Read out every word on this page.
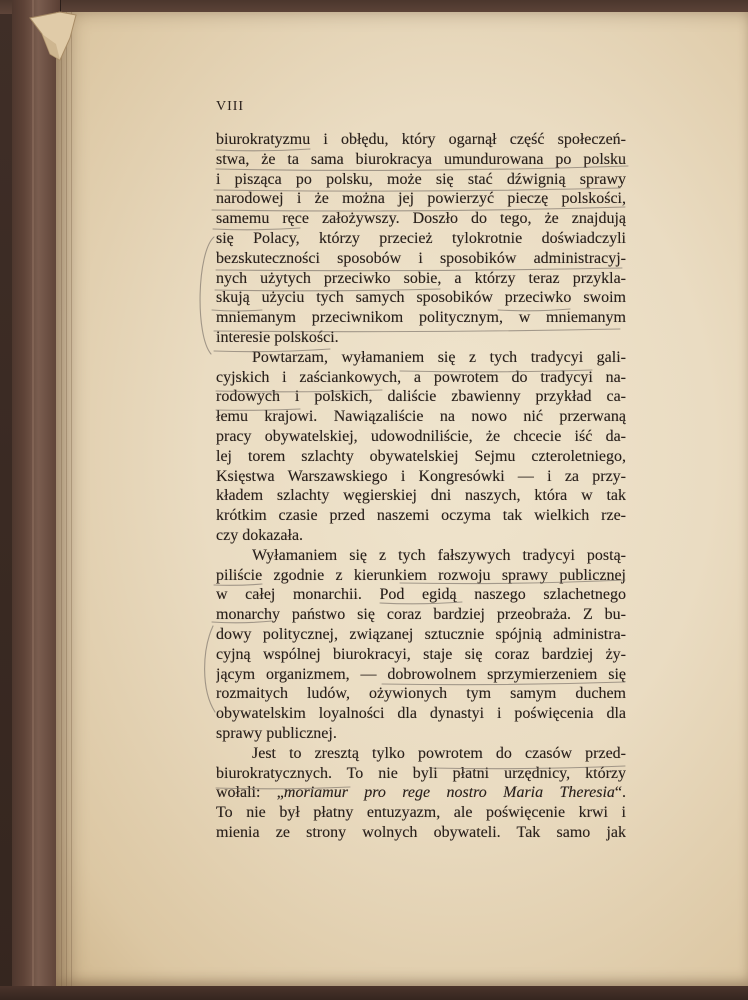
VIII
biurokratyzmu i obłędu, który ogarnął część społeczeń-
stwa, że ta sama biurokracya umundurowana po polsku
i pisząca po polsku, może się stać dźwignią sprawy
narodowej i że można jej powierzyć pieczę polskości,
samemu ręce założywszy. Doszło do tego, że znajdują
się Polacy, którzy przecież tylokrotnie doświadczyli
bezskuteczności sposobów i sposobików administracyj-
nych użytych przeciwko sobie, a którzy teraz przykla-
skują użyciu tych samych sposobików przeciwko swoim
mniemanym przeciwnikom politycznym, w mniemanym
interesie polskości.
Powtarzam, wyłamaniem się z tych tradycyi gali-
cyjskich i zaściankowych, a powrotem do tradycyi na-
rodowych i polskich, daliście zbawienny przykład ca-
łemu krajowi. Nawiązaliście na nowo nić przerwaną
pracy obywatelskiej, udowodniliście, że chcecie iść da-
lej torem szlachty obywatelskiej Sejmu czteroletniego,
Księstwa Warszawskiego i Kongresówki — i za przy-
kładem szlachty węgierskiej dni naszych, która w tak
krótkim czasie przed naszemi oczyma tak wielkich rze-
czy dokazała.
Wyłamaniem się z tych fałszywych tradycyi postą-
piliście zgodnie z kierunkiem rozwoju sprawy publicznej
w całej monarchii. Pod egidą naszego szlachetnego
monarchy państwo się coraz bardziej przeobraża. Z bu-
dowy politycznej, związanej sztucznie spójnią administra-
cyjną wspólnej biurokracyi, staje się coraz bardziej ży-
jącym organizmem, — dobrowolnem sprzymierzeniem się
rozmaitych ludów, ożywionych tym samym duchem
obywatelskim loyalności dla dynastyi i poświęcenia dla
sprawy publicznej.
Jest to zresztą tylko powrotem do czasów przed-
biurokratycznych. To nie byli płatni urzędnicy, którzy
wołali: „moriamur pro rege nostro Maria Theresia“.
To nie był płatny entuzyazm, ale poświęcenie krwi i
mienia ze strony wolnych obywateli. Tak samo jak
